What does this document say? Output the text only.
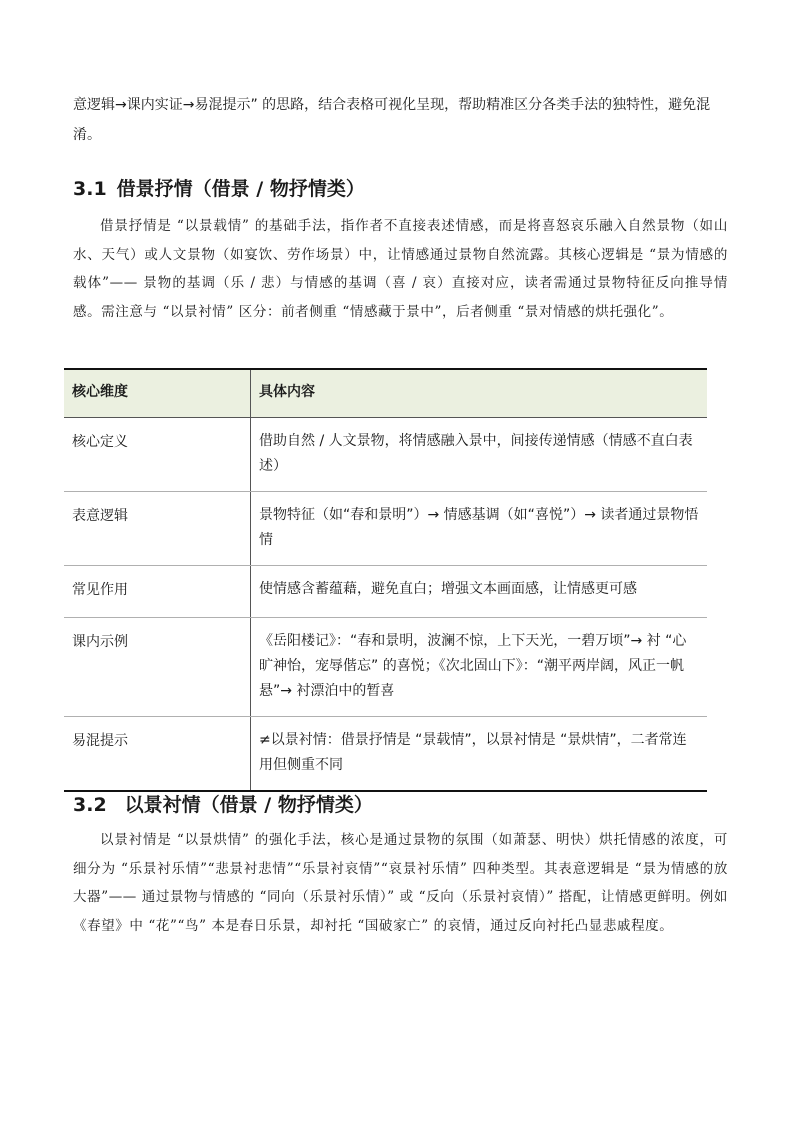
意逻辑→课内实证→易混提示” 的思路，结合表格可视化呈现，帮助精准区分各类手法的独特性，避免混淆。

3.1 借景抒情（借景 / 物抒情类）

借景抒情是 “以景载情” 的基础手法，指作者不直接表述情感，而是将喜怒哀乐融入自然景物（如山水、天气）或人文景物（如宴饮、劳作场景）中，让情感通过景物自然流露。其核心逻辑是 “景为情感的载体”—— 景物的基调（乐 / 悲）与情感的基调（喜 / 哀）直接对应，读者需通过景物特征反向推导情感。需注意与 “以景衬情” 区分：前者侧重 “情感藏于景中”，后者侧重 “景对情感的烘托强化”。

核心维度	具体内容
核心定义	借助自然 / 人文景物，将情感融入景中，间接传递情感（情感不直白表述）
表意逻辑	景物特征（如“春和景明”）→ 情感基调（如“喜悦”）→ 读者通过景物悟情
常见作用	使情感含蓄蕴藉，避免直白；增强文本画面感，让情感更可感
课内示例	《岳阳楼记》：“春和景明，波澜不惊，上下天光，一碧万顷”→ 衬 “心旷神怡，宠辱偕忘” 的喜悦；《次北固山下》：“潮平两岸阔，风正一帆悬”→ 衬漂泊中的暂喜
易混提示	≠以景衬情：借景抒情是 “景载情”，以景衬情是 “景烘情”，二者常连用但侧重不同
3.2 以景衬情（借景 / 物抒情类）

以景衬情是 “以景烘情” 的强化手法，核心是通过景物的氛围（如萧瑟、明快）烘托情感的浓度，可细分为 “乐景衬乐情”“悲景衬悲情”“乐景衬哀情”“哀景衬乐情” 四种类型。其表意逻辑是 “景为情感的放大器”—— 通过景物与情感的 “同向（乐景衬乐情）” 或 “反向（乐景衬哀情）” 搭配，让情感更鲜明。例如《春望》中 “花”“鸟” 本是春日乐景，却衬托 “国破家亡” 的哀情，通过反向衬托凸显悲戚程度。
